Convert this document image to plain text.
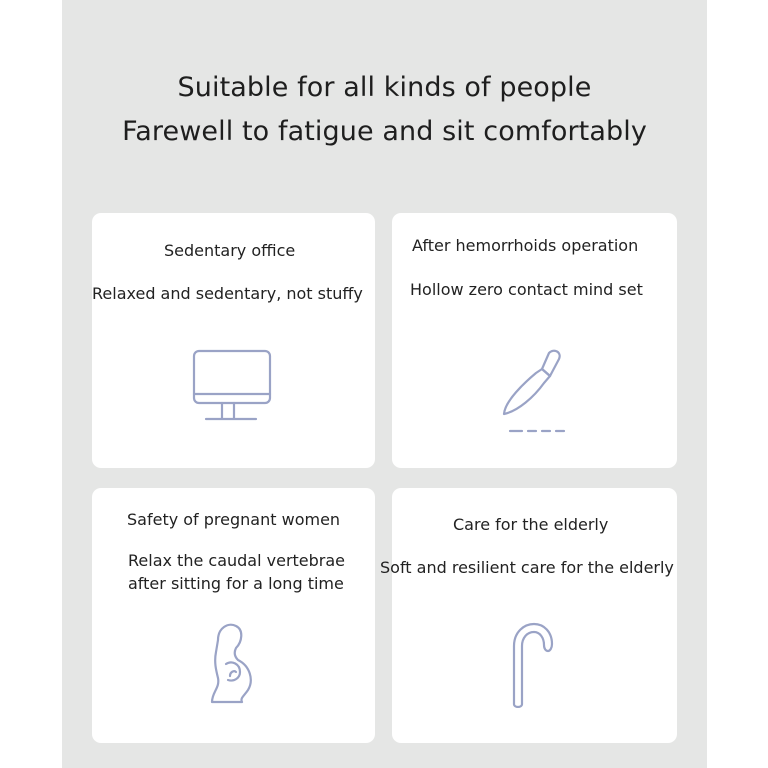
Suitable for all kinds of people
Farewell to fatigue and sit comfortably
Sedentary office
Relaxed and sedentary, not stuffy
After hemorrhoids operation
Hollow zero contact mind set
Safety of pregnant women
Relax the caudal vertebrae
after sitting for a long time
Care for the elderly
Soft and resilient care for the elderly
